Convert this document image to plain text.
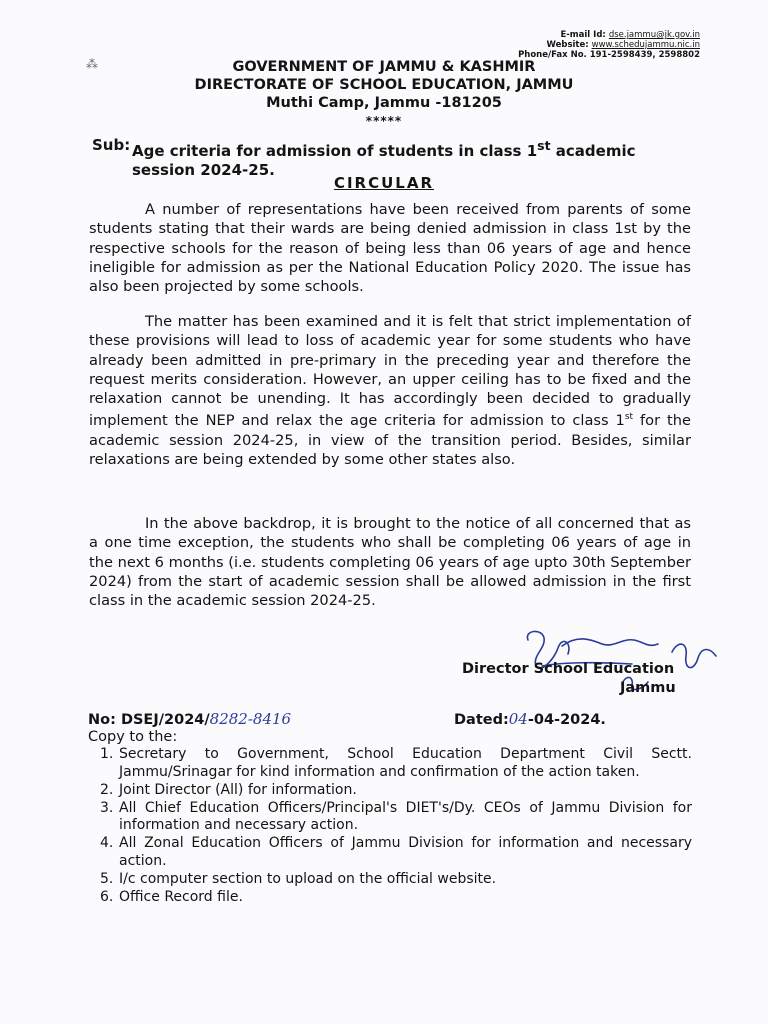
⁂
E-mail Id: dse.jammu@jk.gov.in
Website: www.schedujammu.nic.in
Phone/Fax No. 191-2598439, 2598802
GOVERNMENT OF JAMMU & KASHMIR
DIRECTORATE OF SCHOOL EDUCATION, JAMMU
Muthi Camp, Jammu -181205
*****
Sub: Age criteria for admission of students in class 1st academic session 2024-25.
CIRCULAR
A number of representations have been received from parents of some students stating that their wards are being denied admission in class 1st by the respective schools for the reason of being less than 06 years of age and hence ineligible for admission as per the National Education Policy 2020. The issue has also been projected by some schools.
The matter has been examined and it is felt that strict implementation of these provisions will lead to loss of academic year for some students who have already been admitted in pre-primary in the preceding year and therefore the request merits consideration. However, an upper ceiling has to be fixed and the relaxation cannot be unending. It has accordingly been decided to gradually implement the NEP and relax the age criteria for admission to class 1st for the academic session 2024-25, in view of the transition period. Besides, similar relaxations are being extended by some other states also.
In the above backdrop, it is brought to the notice of all concerned that as a one time exception, the students who shall be completing 06 years of age in the next 6 months (i.e. students completing 06 years of age upto 30th September 2024) from the start of academic session shall be allowed admission in the first class in the academic session 2024-25.
Director School Education
Jammu
No: DSEJ/2024/8282-8416	Dated:04-04-2024.
Copy to the:
1. Secretary to Government, School Education Department Civil Sectt. Jammu/Srinagar for kind information and confirmation of the action taken.
2. Joint Director (All) for information.
3. All Chief Education Officers/Principal's DIET's/Dy. CEOs of Jammu Division for information and necessary action.
4. All Zonal Education Officers of Jammu Division for information and necessary action.
5. I/c computer section to upload on the official website.
6. Office Record file.
